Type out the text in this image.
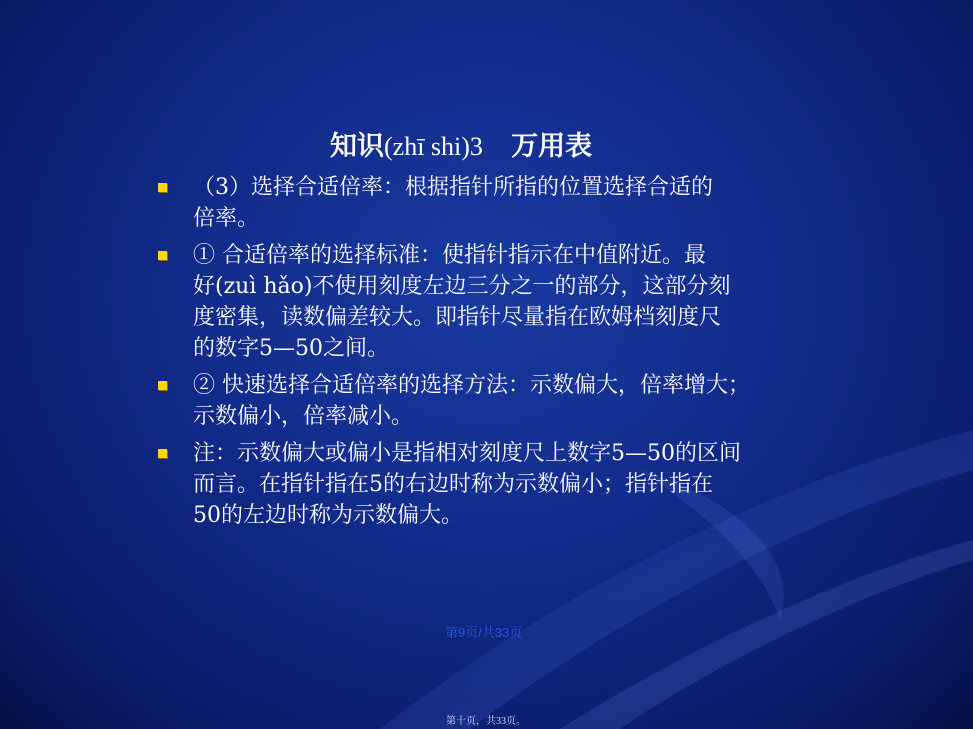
知识(zhī shi)3 万用表
（3）选择合适倍率：根据指针所指的位置选择合适的
倍率。
① 合适倍率的选择标准：使指针指示在中值附近。最
好(zuì hǎo)不使用刻度左边三分之一的部分，这部分刻
度密集，读数偏差较大。即指针尽量指在欧姆档刻度尺
的数字5—50之间。
② 快速选择合适倍率的选择方法：示数偏大，倍率增大；
示数偏小，倍率减小。
注：示数偏大或偏小是指相对刻度尺上数字5—50的区间
而言。在指针指在5的右边时称为示数偏小；指针指在
50的左边时称为示数偏大。
第9页/共33页
第十页，共33页。
